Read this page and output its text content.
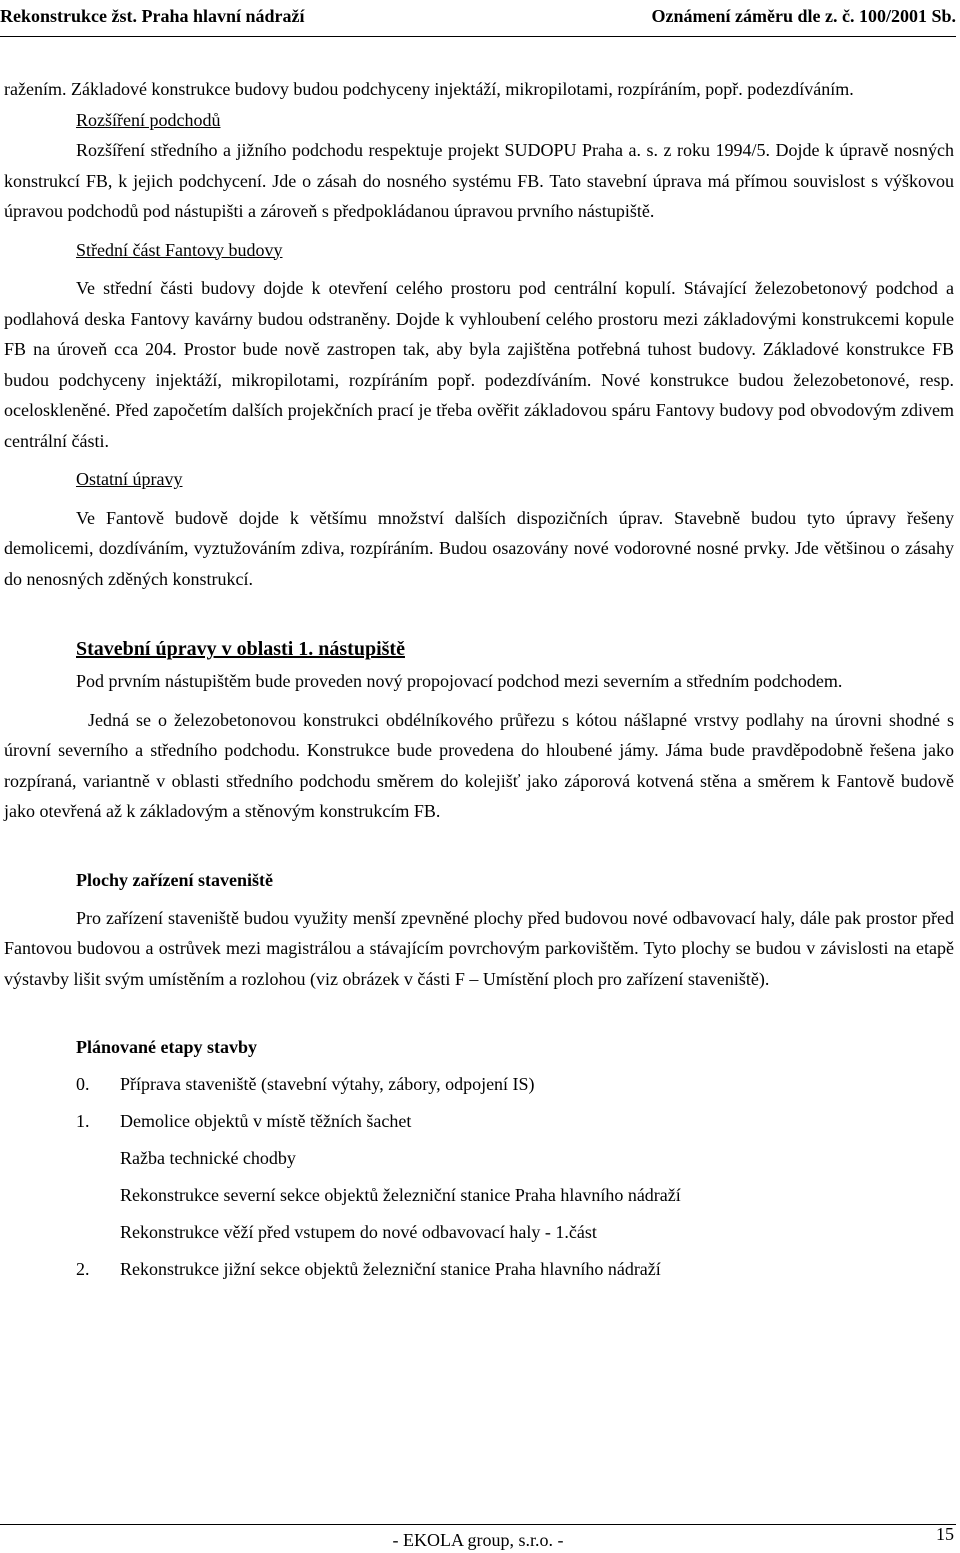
Rekonstrukce žst. Praha hlavní nádraží	Oznámení záměru dle z. č. 100/2001 Sb.

ražením. Základové konstrukce budovy budou podchyceny injektáží, mikropilotami, rozpíráním, popř. podezdíváním.

Rozšíření podchodů

Rozšíření středního a jižního podchodu respektuje projekt SUDOPU Praha a. s. z roku 1994/5. Dojde k úpravě nosných konstrukcí FB, k jejich podchycení. Jde o zásah do nosného systému FB. Tato stavební úprava má přímou souvislost s výškovou úpravou podchodů pod nástupišti a zároveň s předpokládanou úpravou prvního nástupiště.

Střední část Fantovy budovy

Ve střední části budovy dojde k otevření celého prostoru pod centrální kopulí. Stávající železobetonový podchod a podlahová deska Fantovy kavárny budou odstraněny. Dojde k vyhloubení celého prostoru mezi základovými konstrukcemi kopule FB na úroveň cca 204. Prostor bude nově zastropen tak, aby byla zajištěna potřebná tuhost budovy. Základové konstrukce FB budou podchyceny injektáží, mikropilotami, rozpíráním popř. podezdíváním. Nové konstrukce budou železobetonové, resp. oceloskleněné. Před započetím dalších projekčních prací je třeba ověřit základovou spáru Fantovy budovy pod obvodovým zdivem centrální části.

Ostatní úpravy

Ve Fantově budově dojde k většímu množství dalších dispozičních úprav. Stavebně budou tyto úpravy řešeny demolicemi, dozdíváním, vyztužováním zdiva, rozpíráním. Budou osazovány nové vodorovné nosné prvky. Jde většinou o zásahy do nenosných zděných konstrukcí.

Stavební úpravy v oblasti 1. nástupiště

Pod prvním nástupištěm bude proveden nový propojovací podchod mezi severním a středním podchodem.

Jedná se o železobetonovou konstrukci obdélníkového průřezu s kótou nášlapné vrstvy podlahy na úrovni shodné s úrovní severního a středního podchodu. Konstrukce bude provedena do hloubené jámy. Jáma bude pravděpodobně řešena jako rozpíraná, variantně v oblasti středního podchodu směrem do kolejišť jako záporová kotvená stěna a směrem k Fantově budově jako otevřená až k základovým a stěnovým konstrukcím FB.

Plochy zařízení staveniště

Pro zařízení staveniště budou využity menší zpevněné plochy před budovou nové odbavovací haly, dále pak prostor před Fantovou budovou a ostrůvek mezi magistrálou a stávajícím povrchovým parkovištěm. Tyto plochy se budou v závislosti na etapě výstavby lišit svým umístěním a rozlohou (viz obrázek v části F – Umístění ploch pro zařízení staveniště).

Plánované etapy stavby

0.	Příprava staveniště (stavební výtahy, zábory, odpojení IS)
1.	Demolice objektů v místě těžních šachet
Ražba technické chodby
Rekonstrukce severní sekce objektů železniční stanice Praha hlavního nádraží
Rekonstrukce věží před vstupem do nové odbavovací haly - 1.část
2.	Rekonstrukce jižní sekce objektů železniční stanice Praha hlavního nádraží
- EKOLA group, s.r.o. -	15
